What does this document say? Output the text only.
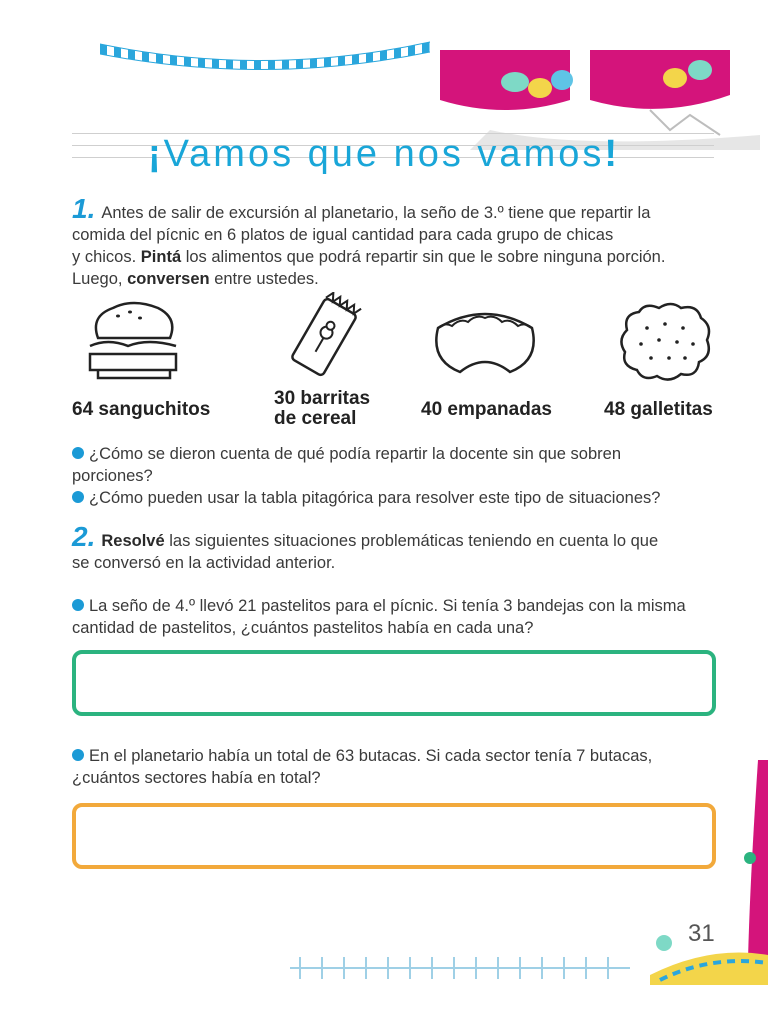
¡Vamos que nos vamos!
1. Antes de salir de excursión al planetario, la seño de 3.º tiene que repartir la
comida del pícnic en 6 platos de igual cantidad para cada grupo de chicas
y chicos. Pintá los alimentos que podrá repartir sin que le sobre ninguna porción.
Luego, conversen entre ustedes.
64 sanguchitos
30 barritas
de cereal	40 empanadas	48 galletitas
¿Cómo se dieron cuenta de qué podía repartir la docente sin que sobren
porciones?
¿Cómo pueden usar la tabla pitagórica para resolver este tipo de situaciones?
2. Resolvé las siguientes situaciones problemáticas teniendo en cuenta lo que
se conversó en la actividad anterior.
La seño de 4.º llevó 21 pastelitos para el pícnic. Si tenía 3 bandejas con la misma
cantidad de pastelitos, ¿cuántos pastelitos había en cada una?
En el planetario había un total de 63 butacas. Si cada sector tenía 7 butacas,
¿cuántos sectores había en total?
31
